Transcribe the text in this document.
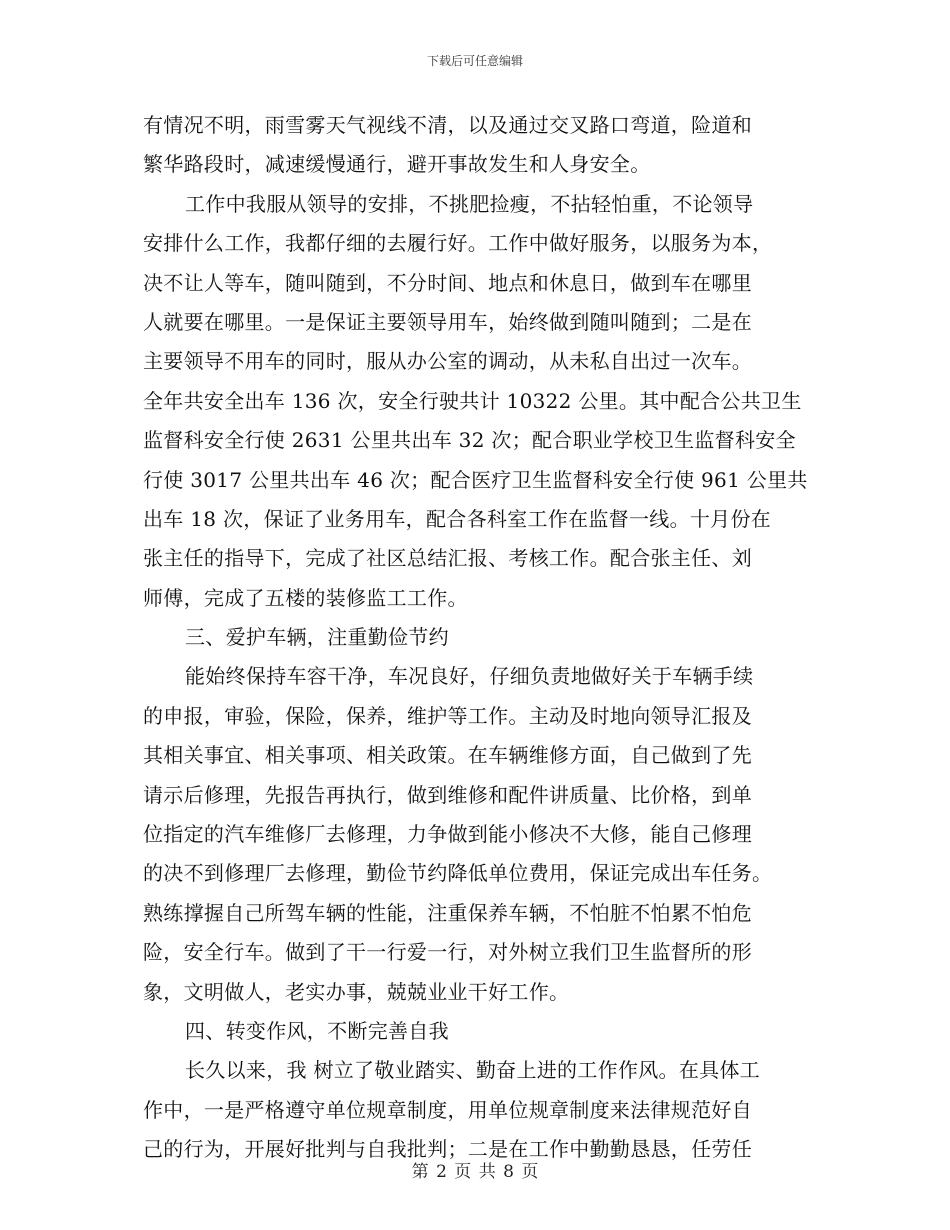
下载后可任意编辑
有情况不明，雨雪雾天气视线不清，以及通过交叉路口弯道，险道和
繁华路段时，减速缓慢通行，避开事故发生和人身安全。
工作中我服从领导的安排，不挑肥捡瘦，不拈轻怕重，不论领导
安排什么工作，我都仔细的去履行好。工作中做好服务，以服务为本，
决不让人等车，随叫随到，不分时间、地点和休息日，做到车在哪里
人就要在哪里。一是保证主要领导用车，始终做到随叫随到；二是在
主要领导不用车的同时，服从办公室的调动，从未私自出过一次车。
全年共安全出车 136 次，安全行驶共计 10322 公里。其中配合公共卫生
监督科安全行使 2631 公里共出车 32 次；配合职业学校卫生监督科安全
行使 3017 公里共出车 46 次；配合医疗卫生监督科安全行使 961 公里共
出车 18 次，保证了业务用车，配合各科室工作在监督一线。十月份在
张主任的指导下，完成了社区总结汇报、考核工作。配合张主任、刘
师傅，完成了五楼的装修监工工作。
三、爱护车辆，注重勤俭节约
能始终保持车容干净，车况良好，仔细负责地做好关于车辆手续
的申报，审验，保险，保养，维护等工作。主动及时地向领导汇报及
其相关事宜、相关事项、相关政策。在车辆维修方面，自己做到了先
请示后修理，先报告再执行，做到维修和配件讲质量、比价格，到单
位指定的汽车维修厂去修理，力争做到能小修决不大修，能自己修理
的决不到修理厂去修理，勤俭节约降低单位费用，保证完成出车任务。
熟练撑握自己所驾车辆的性能，注重保养车辆，不怕脏不怕累不怕危
险，安全行车。做到了干一行爱一行，对外树立我们卫生监督所的形
象，文明做人，老实办事，兢兢业业干好工作。
四、转变作风，不断完善自我
长久以来，我 树立了敬业踏实、勤奋上进的工作作风。在具体工
作中，一是严格遵守单位规章制度，用单位规章制度来法律规范好自
己的行为，开展好批判与自我批判；二是在工作中勤勤恳恳，任劳任
第 2 页 共 8 页
